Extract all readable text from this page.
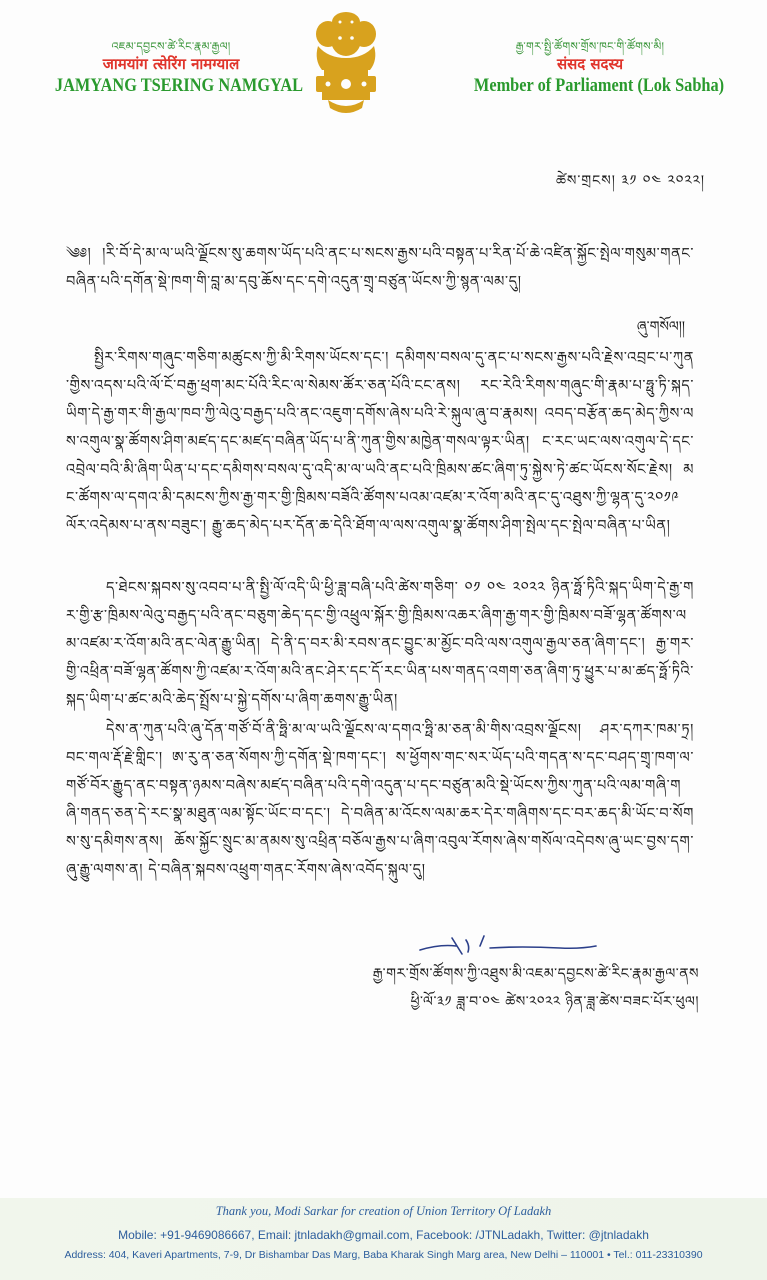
འཇམ་དབྱངས་ཚེ་རིང་རྣམ་རྒྱལ།
जामयांग त्सेरिंग नामग्याल
JAMYANG TSERING NAMGYAL
རྒྱ་གར་སྤྱི་ཚོགས་གྲོས་ཁང་གི་ཚོགས་མི།
संसद सदस्य
Member of Parliament (Lok Sabha)
ཚེས་གྲངས། ༣༡ ༠༤ ༢༠༢༢།
༄༅། །རི་བོ་དེ་མ་ལ་ཡའི་ལྗོངས་སུ་ཆགས་ཡོད་པའི་ནང་པ་སངས་རྒྱས་པའི་བསྟན་པ་རིན་པོ་ཆེ་འཛིན་སྐྱོང་སྤེལ་གསུམ་གནང་བཞིན་པའི་དགོན་སྡེ་ཁག་གི་བླ་མ་དབུ་ཆོས་དང་དགེ་འདུན་གྲྭ་བཙུན་ཡོངས་ཀྱི་སྙན་ལམ་དུ།
ཞུ་གསོལ།།
སྤྱིར་རིགས་གཞུང་གཅིག་མཚུངས་ཀྱི་མི་རིགས་ཡོངས་དང་། དམིགས་བསལ་དུ་ནང་པ་སངས་རྒྱས་པའི་རྗེས་འབྲང་པ་ཀུན་གྱིས་འདས་པའི་ལོ་ངོ་བརྒྱ་ཕྲག་མང་པོའི་རིང་ལ་སེམས་ཚོར་ཅན་པོའི་ངང་ནས། རང་རེའི་རིགས་གཞུང་གི་རྣམ་པ་ཧྥུ་ཏི་སྐད་ཡིག་དེ་རྒྱ་གར་གི་རྒྱལ་ཁབ་ཀྱི་ལེའུ་བརྒྱད་པའི་ནང་འཇུག་དགོས་ཞེས་པའི་རེ་སྐུལ་ཞུ་བ་རྣམས། འབད་བརྩོན་ཆད་མེད་ཀྱིས་ལས་འགུལ་སྣ་ཚོགས་ཤིག་མཛད་དང་མཛད་བཞིན་ཡོད་པ་ནི་ཀུན་གྱིས་མཁྱེན་གསལ་ལྟར་ཡིན། ང་རང་ཡང་ལས་འགུལ་དེ་དང་འབྲེལ་བའི་མི་ཞིག་ཡིན་པ་དང་དམིགས་བསལ་དུ་འདི་མ་ལ་ཡའི་ནང་པའི་ཁྲིམས་ཚང་ཞིག་ཏུ་སྐྱེས་ཏེ་ཚང་ཡོངས་སོང་རྗེས། མང་ཚོགས་ལ་དགའ་མི་དམངས་ཀྱིས་རྒྱ་གར་གྱི་ཁྲིམས་བཟོའི་ཚོགས་པའམ་འཛམ་ར་འོག་མའི་ནང་དུ་འཐུས་ཀྱི་ལྷན་དུ་༢༠༡༩ ལོར་འདེམས་པ་ནས་བཟུང་། རྒྱུ་ཆད་མེད་པར་དོན་ཆ་དེའི་ཐོག་ལ་ལས་འགུལ་སྣ་ཚོགས་ཤིག་སྤེལ་དང་སྤེལ་བཞིན་པ་ཡིན།
ད་ཐེངས་སྐབས་སུ་འབབ་པ་ནི་སྤྱི་ལོ་འདི་ཡི་ཕྱི་ཟླ་བཞི་པའི་ཚེས་གཅིག་ ༠༡ ༠༤ ༢༠༢༢ ཉིན་ཧྥོ་ཏིའི་སྐད་ཡིག་དེ་རྒྱ་གར་གྱི་རྩ་ཁྲིམས་ལེའུ་བརྒྱད་པའི་ནང་བཅུག་ཆེད་དང་གྱི་འཕྲུལ་སྐོར་གྱི་ཁྲིམས་འཆར་ཞིག་རྒྱ་གར་གྱི་ཁྲིམས་བཟོ་ལྷན་ཚོགས་ལམ་འཛམ་ར་འོག་མའི་ནང་ལེན་རྒྱུ་ཡིན། དེ་ནི་ད་བར་མི་རབས་ནང་བྱུང་མ་མྱོང་བའི་ལས་འགུལ་རྒྱལ་ཅན་ཞིག་དང་། རྒྱ་གར་གྱི་འཕྲིན་བཟོ་ལྷན་ཚོགས་ཀྱི་འཛམ་ར་འོག་མའི་ནང་ཤེར་དང་དོ་རང་ཡིན་པས་གནད་འགག་ཅན་ཞིག་ཏུ་ཕྱུར་པ་མ་ཚད་ཧྥོ་ཏིའི་སྐད་ཡིག་པ་ཚང་མའི་ཆེད་སྤྲོས་པ་སྐྱེ་དགོས་པ་ཞིག་ཆགས་རྒྱུ་ཡིན།
དེས་ན་ཀུན་པའི་ཞུ་དོན་གཙོ་བོ་ནི་ཧྥི་མ་ལ་ཡའི་ལྗོངས་ལ་དགའ་ཧྥི་མ་ཅན་མི་གིས་འབྲས་ལྗོངས། ཤར་དཀར་ཁམ་ཏྲ། བང་གལ་རྡོ་རྗེ་གླིང་། ཨ་རུ་ན་ཅན་སོགས་ཀྱི་དགོན་སྡེ་ཁག་དང་། ས་ཕྱོགས་གང་སར་ཡོད་པའི་གདན་ས་དང་བཤད་གྲྭ་ཁག་ལ་གཙོ་བོར་རྒྱུད་ནང་བསྟན་ཉམས་བཞེས་མཛད་བཞིན་པའི་དགེ་འདུན་པ་དང་བཙུན་མའི་སྡེ་ཡོངས་ཀྱིས་ཀུན་པའི་ལམ་གཞི་གཞི་གནད་ཅན་དེ་རང་སྣ་མཐུན་ལམ་སྟོང་ཡོང་བ་དང་། དེ་བཞིན་མ་འོངས་ལམ་ཆར་དེར་གཞིགས་དང་བར་ཆད་མི་ཡོང་བ་སོགས་སུ་དམིགས་ནས། ཆོས་སྐྱོང་སྲུང་མ་ནམས་སུ་འཕྲིན་བཅོལ་རྒྱས་པ་ཞིག་འབུལ་རོགས་ཞེས་གསོལ་འདེབས་ཞུ་ཡང་བྱས་དག་ཞུ་རྒྱུ་ལགས་ན། དེ་བཞིན་སྐབས་འཕྲུག་གནང་རོགས་ཞེས་འབོད་སྐུལ་དུ།
རྒྱ་གར་གྲོས་ཚོགས་ཀྱི་འཐུས་མི་འཇམ་དབྱངས་ཚེ་རིང་རྣམ་རྒྱལ་ནས
ཕྱི་ལོ་༣༡ ཟླ་བ་༠༤ ཚེས་༢༠༢༢ ཉིན་ཟླ་ཚེས་བཟང་པོར་ཕུལ།
Thank you, Modi Sarkar for creation of Union Territory Of Ladakh
Mobile: +91-9469086667, Email: jtnladakh@gmail.com, Facebook: /JTNLadakh, Twitter: @jtnladakh
Address: 404, Kaveri Apartments, 7-9, Dr Bishambar Das Marg, Baba Kharak Singh Marg area, New Delhi – 110001 • Tel.: 011-23310390
